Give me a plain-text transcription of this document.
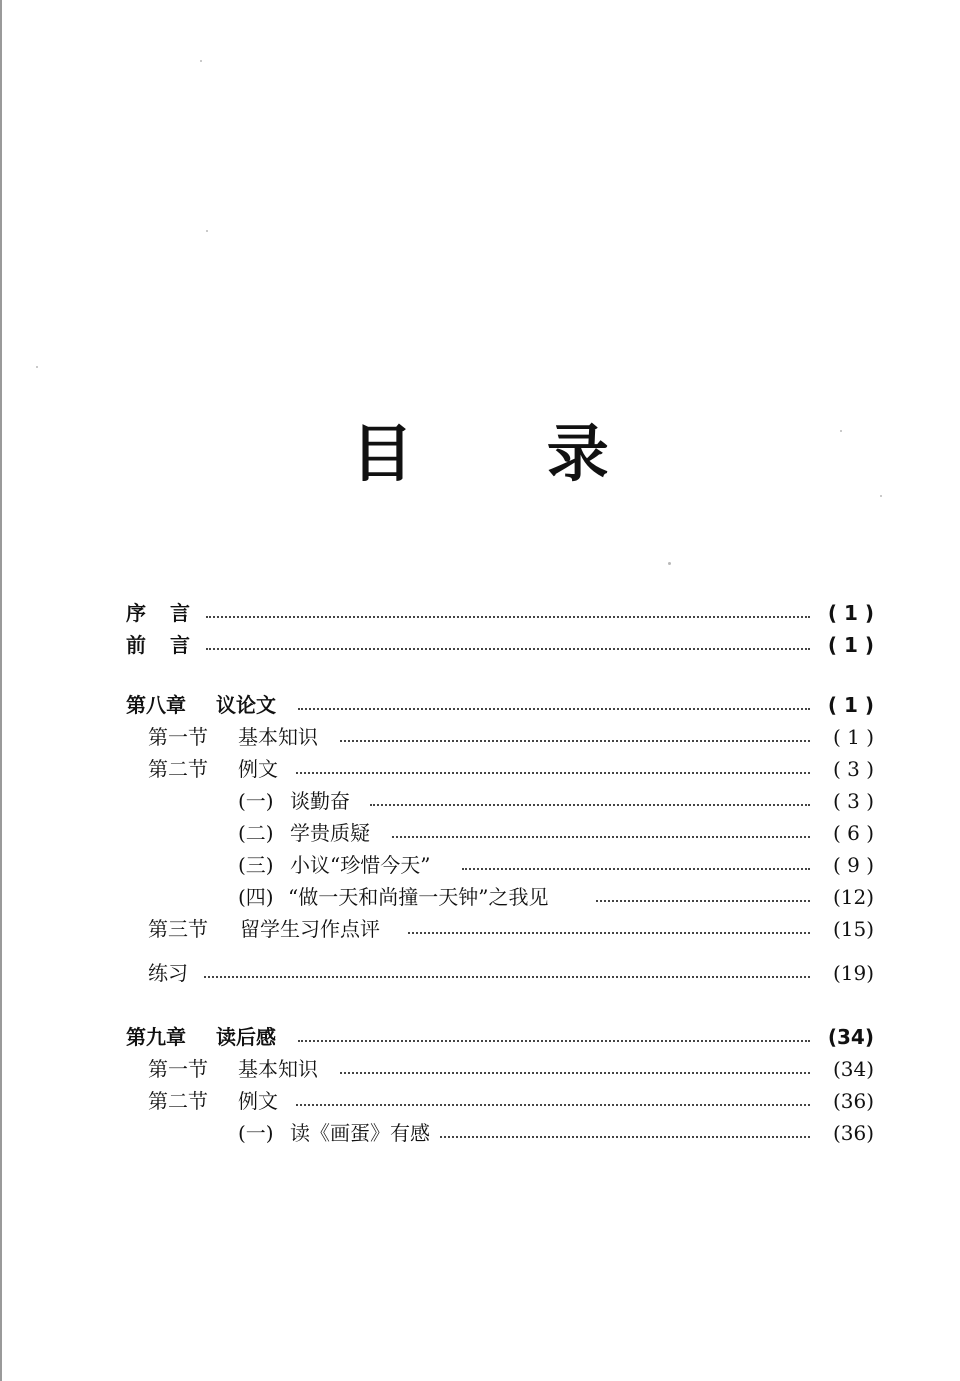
目 录
序 言	( 1 )
前 言	( 1 )
第八章 议论文	( 1 )
第一节 基本知识	( 1 )
第二节 例文	( 3 )
(一) 谈勤奋	( 3 )
(二) 学贵质疑	( 6 )
(三) 小议“珍惜今天”	( 9 )
(四) “做一天和尚撞一天钟”之我见	(12)
第三节 留学生习作点评	(15)
练习	(19)
第九章 读后感	(34)
第一节 基本知识	(34)
第二节 例文	(36)
(一) 读《画蛋》有感	(36)
